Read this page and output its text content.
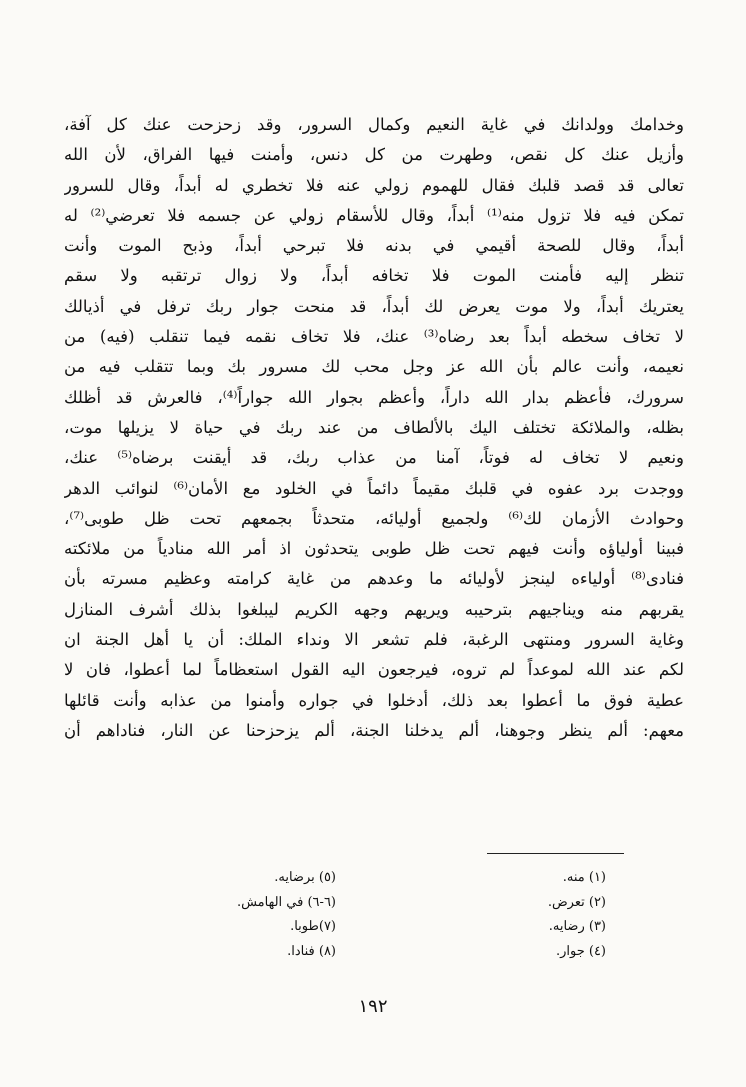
وخدامك وولدانك في غاية النعيم وكمال السرور، وقد زحزحت عنك كل آفة،
وأزيل عنك كل نقص، وطهرت من كل دنس، وأمنت فيها الفراق، لأن الله
تعالى قد قصد قلبك فقال للهموم زولي عنه فلا تخطري له أبداً، وقال للسرور
تمكن فيه فلا تزول منه⁽¹⁾ أبداً، وقال للأسقام زولي عن جسمه فلا تعرضي⁽²⁾ له
أبداً، وقال للصحة أقيمي في بدنه فلا تبرحي أبداً، وذبح الموت وأنت
تنظر إليه فأمنت الموت فلا تخافه أبداً، ولا زوال ترتقبه ولا سقم
يعتريك أبداً، ولا موت يعرض لك أبداً، قد منحت جوار ربك ترفل في أذيالك
لا تخاف سخطه أبداً بعد رضاه⁽³⁾ عنك، فلا تخاف نقمه فيما تنقلب (فيه) من
نعيمه، وأنت عالم بأن الله عز وجل محب لك مسرور بك وبما تتقلب فيه من
سرورك، فأعظم بدار الله داراً، وأعظم بجوار الله جواراً⁽⁴⁾، فالعرش قد أظلك
بظله، والملائكة تختلف اليك بالألطاف من عند ربك في حياة لا يزيلها موت،
ونعيم لا تخاف له فوتاً، آمنا من عذاب ربك، قد أيقنت برضاه⁽⁵⁾ عنك،
ووجدت برد عفوه في قلبك مقيماً دائماً في الخلود مع الأمان⁽⁶⁾ لنوائب الدهر
وحوادث الأزمان لك⁽⁶⁾ ولجميع أوليائه، متحدثاً بجمعهم تحت ظل طوبى⁽⁷⁾،
فبينا أولياؤه وأنت فيهم تحت ظل طوبى يتحدثون اذ أمر الله منادياً من ملائكته
فنادى⁽⁸⁾ أولياءه لينجز لأوليائه ما وعدهم من غاية كرامته وعظيم مسرته بأن
يقربهم منه ويناجيهم بترحيبه ويريهم وجهه الكريم ليبلغوا بذلك أشرف المنازل
وغاية السرور ومنتهى الرغبة، فلم تشعر الا ونداء الملك: أن يا أهل الجنة ان
لكم عند الله لموعداً لم تروه، فيرجعون اليه القول استعظاماً لما أعطوا، فان لا
عطية فوق ما أعطوا بعد ذلك، أدخلوا في جواره وأمنوا من عذابه وأنت قائلها
معهم: ألم ينظر وجوهنا، ألم يدخلنا الجنة، ألم يزحزحنا عن النار، فناداهم أن
(١) منه.
(٢) تعرض.
(٣) رضايه.
(٤) جوار.
(٥) برضايه.
(٦-٦) في الهامش.
(٧)طوبا.
(٨) فنادا.
١٩٢
